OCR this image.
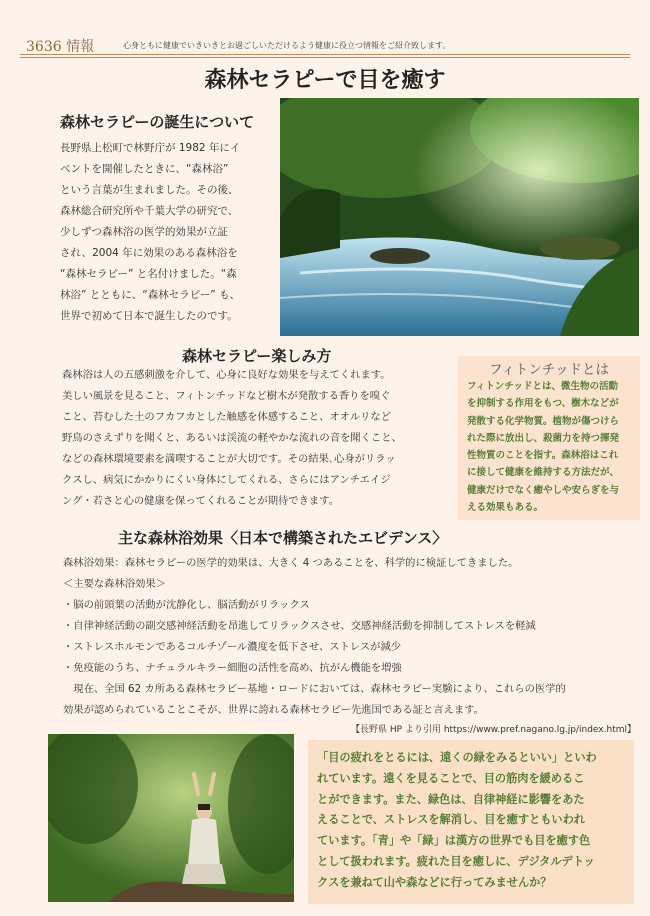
3636 情報	心身ともに健康でいきいきとお過ごしいただけるよう健康に役立つ情報をご紹介致します。
森林セラピーで目を癒す
森林セラピーの誕生について
長野県上松町で林野庁が 1982 年にイ
ベントを開催したときに、“森林浴”
という言葉が生まれました。その後、
森林総合研究所や千葉大学の研究で、
少しずつ森林浴の医学的効果が立証
され、2004 年に効果のある森林浴を
“森林セラピー” と名付けました。“森
林浴” とともに、“森林セラピー” も、
世界で初めて日本で誕生したのです。
森林セラピー楽しみ方
森林浴は人の五感刺激を介して、心身に良好な効果を与えてくれます。
美しい風景を見ること、フィトンチッドなど樹木が発散する香りを嗅ぐ
こと、苔むした土のフカフカとした触感を体感すること、オオルリなど
野鳥のさえずりを聞くと、あるいは渓流の軽やかな流れの音を聞くこと、
などの森林環境要素を満喫することが大切です。その結果､心身がリラッ
クスし、病気にかかりにくい身体にしてくれる、さらにはアンチエイジ
ング・若さと心の健康を保ってくれることが期待できます。
フィトンチッドとは
フィトンチッドとは、微生物の活動
を抑制する作用をもつ、樹木などが
発散する化学物質。植物が傷つけら
れた際に放出し、殺菌力を持つ揮発
性物質のことを指す。森林浴はこれ
に接して健康を維持する方法だが、
健康だけでなく癒やしや安らぎを与
える効果もある。
主な森林浴効果〈日本で構築されたエビデンス〉
森林浴効果：森林セラピーの医学的効果は、大きく 4 つあることを、科学的に検証してきました。
＜主要な森林浴効果＞
・脳の前頭葉の活動が沈静化し、脳活動がリラックス
・自律神経活動の副交感神経活動を昂進してリラックスさせ、交感神経活動を抑制してストレスを軽減
・ストレスホルモンであるコルチゾール濃度を低下させ、ストレスが減少
・免疫能のうち、ナチュラルキラー細胞の活性を高め、抗がん機能を増強
　現在、全国 62 カ所ある森林セラピー基地・ロードにおいては、森林セラピー実験により、これらの医学的
効果が認められていることこそが、世界に誇れる森林セラピー先進国である証と言えます。
【長野県 HP より引用 https://www.pref.nagano.lg.jp/index.html】
「目の疲れをとるには、遠くの緑をみるといい」といわ
れています。遠くを見ることで、目の筋肉を緩めるこ
とができます。また、緑色は、自律神経に影響をあた
えることで、ストレスを解消し、目を癒すともいわれ
ています。「青」や「緑」は漢方の世界でも目を癒す色
として扱われます。疲れた目を癒しに、デジタルデトッ
クスを兼ねて山や森などに行ってみませんか？
